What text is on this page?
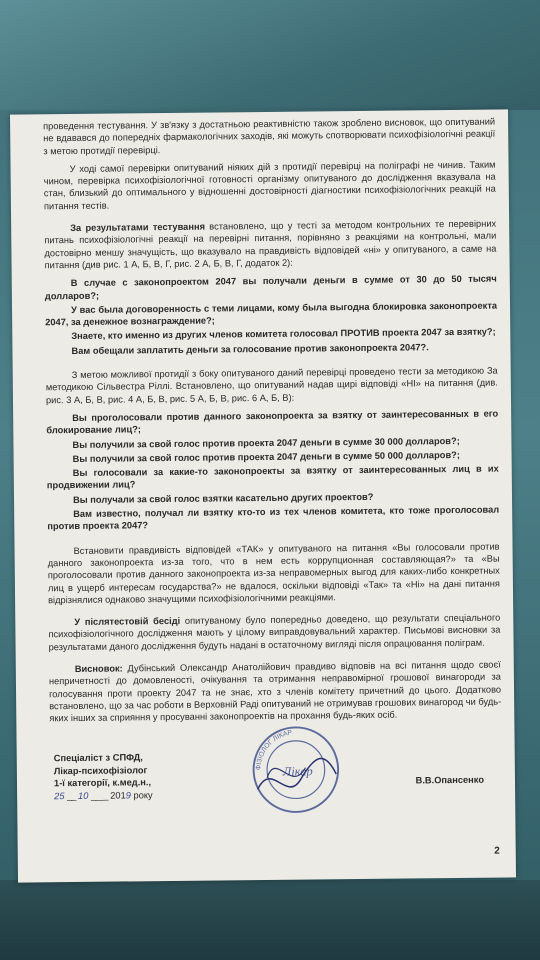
проведення тестування. У зв'язку з достатньою реактивністю також зроблено висновок, що опитуваний не вдавався до попередніх фармакологічних заходів, які можуть спотворювати психофізіологічні реакції з метою протидії перевірці.

У ході самої перевірки опитуваний ніяких дій з протидії перевірці на поліграфі не чинив. Таким чином, перевірка психофізіологічної готовності організму опитуваного до дослідження вказувала на стан, близький до оптимального у відношенні достовірності діагностики психофізіологічних реакцій на питання тестів.

За результатами тестування встановлено, що у тесті за методом контрольних те перевірних питань психофізіологічні реакції на перевірні питання, порівняно з реакціями на контрольні, мали достовірно меншу значущість, що вказувало на правдивість відповідей «ні» у опитуваного, а саме на питання (див рис. 1 А, Б, В, Г, рис. 2 А, Б, В, Г, додаток 2):

В случае с законопроектом 2047 вы получали деньги в сумме от 30 до 50 тысяч долларов?;

У вас была договоренность с теми лицами, кому была выгодна блокировка законопроекта 2047, за денежное вознаграждение?;

Знаете, кто именно из других членов комитета голосовал ПРОТИВ проекта 2047 за взятку?;

Вам обещали заплатить деньги за голосование против законопроекта 2047?.

З метою можливої протидії з боку опитуваного даний перевірці проведено тести за методикою За методикою Сільвестра Ріллі. Встановлено, що опитуваний надав щирі відповіді «НІ» на питання (див. рис. 3 А, Б, В, рис. 4 А, Б, В, рис. 5 А, Б, В, рис. 6 А, Б, В):

Вы проголосовали против данного законопроекта за взятку от заинтересованных в его блокирование лиц?;

Вы получили за свой голос против проекта 2047 деньги в сумме 30 000 долларов?;

Вы получили за свой голос против проекта 2047 деньги в сумме 50 000 долларов?;

Вы голосовали за какие-то законопроекты за взятку от заинтересованных лиц в их продвижении лиц?

Вы получали за свой голос взятки касательно других проектов?

Вам известно, получал ли взятку кто-то из тех членов комитета, кто тоже проголосовал против проекта 2047?

Встановити правдивість відповідей «ТАК» у опитуваного на питання «Вы голосовали против данного законопроекта из-за того, что в нем есть коррупционная составляющая?» та «Вы проголосовали против данного законопроекта из-за неправомерных выгод для каких-либо конкретных лиц в ущерб интересам государства?» не вдалося, оскільки відповіді «Так» та «Ні» на дані питання відрізнялися однаково значущими психофізіологічними реакціями.

У післятестовій бесіді опитуваному було попередньо доведено, що результати спеціального психофізіологічного дослідження мають у цілому виправдовувальний характер. Письмові висновки за результатами даного дослідження будуть надані в остаточному вигляді після опрацювання поліграм.

Висновок: Дубінський Олександр Анатолійович правдиво відповів на всі питання щодо своєї непричетності до домовленості, очікування та отримання неправомірної грошової винагороди за голосування проти проекту 2047 та не знає, хто з членів комітету причетний до цього. Додатково встановлено, що за час роботи в Верховній Раді опитуваний не отримував грошових винагород чи будь-яких інших за сприяння у просуванні законопроектів на прохання будь-яких осіб.

Спеціаліст з СПФД,
Лікар-психофізіолог
1-ї категорії, к.мед.н.,
25 __ 10 ____ 2019 року
ФІЗІОЛОГ ЛІКАР
Лікар
В.В.Опансенко
2
